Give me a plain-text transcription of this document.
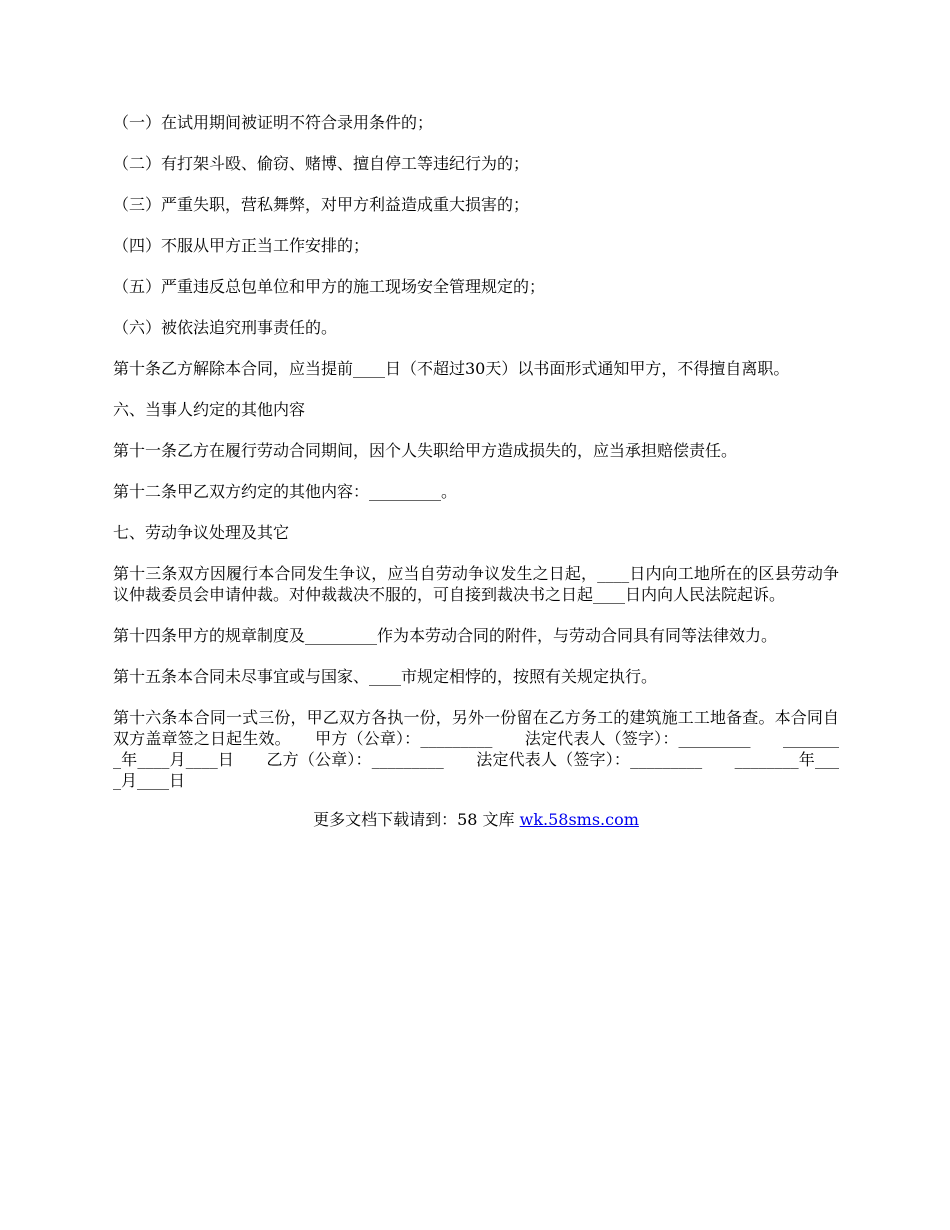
（一）在试用期间被证明不符合录用条件的；

（二）有打架斗殴、偷窃、赌博、擅自停工等违纪行为的；

（三）严重失职，营私舞弊，对甲方利益造成重大损害的；

（四）不服从甲方正当工作安排的；

（五）严重违反总包单位和甲方的施工现场安全管理规定的；

（六）被依法追究刑事责任的。

第十条乙方解除本合同，应当提前____日（不超过30天）以书面形式通知甲方，不得擅自离职。

六、当事人约定的其他内容

第十一条乙方在履行劳动合同期间，因个人失职给甲方造成损失的，应当承担赔偿责任。

第十二条甲乙双方约定的其他内容：_________。

七、劳动争议处理及其它

第十三条双方因履行本合同发生争议，应当自劳动争议发生之日起，____日内向工地所在的区县劳动争议仲裁委员会申请仲裁。对仲裁裁决不服的，可自接到裁决书之日起____日内向人民法院起诉。

第十四条甲方的规章制度及_________作为本劳动合同的附件，与劳动合同具有同等法律效力。

第十五条本合同未尽事宜或与国家、____市规定相悖的，按照有关规定执行。

第十六条本合同一式三份，甲乙双方各执一份，另外一份留在乙方务工的建筑施工工地备查。本合同自双方盖章签之日起生效。　　甲方（公章）：_________　　法定代表人（签字）：_________　　________年____月____日　　乙方（公章）：_________　　法定代表人（签字）：_________　　________年____月____日

更多文档下载请到：58 文库 wk.58sms.com
